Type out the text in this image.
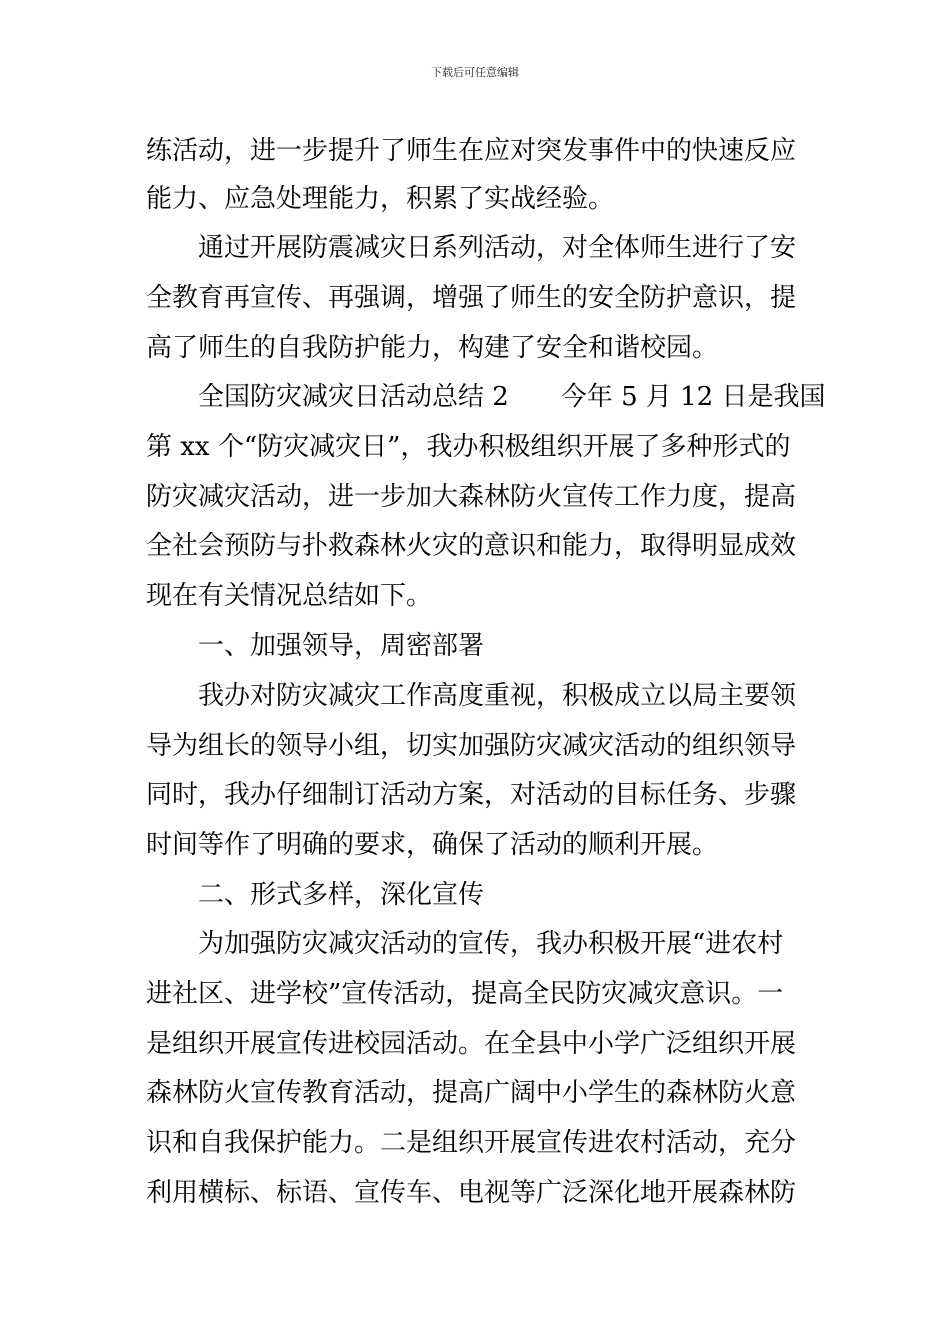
下载后可任意编辑
练活动，进一步提升了师生在应对突发事件中的快速反应
能力、应急处理能力，积累了实战经验。
通过开展防震减灾日系列活动，对全体师生进行了安
全教育再宣传、再强调，增强了师生的安全防护意识，提
高了师生的自我防护能力，构建了安全和谐校园。
全国防灾减灾日活动总结 2　　今年 5 月 12 日是我国
第 xx 个“防灾减灾日”，我办积极组织开展了多种形式的
防灾减灾活动，进一步加大森林防火宣传工作力度，提高
全社会预防与扑救森林火灾的意识和能力，取得明显成效
现在有关情况总结如下。
一、加强领导，周密部署
我办对防灾减灾工作高度重视，积极成立以局主要领
导为组长的领导小组，切实加强防灾减灾活动的组织领导
同时，我办仔细制订活动方案，对活动的目标任务、步骤
时间等作了明确的要求，确保了活动的顺利开展。
二、形式多样，深化宣传
为加强防灾减灾活动的宣传，我办积极开展“进农村
进社区、进学校”宣传活动，提高全民防灾减灾意识。一
是组织开展宣传进校园活动。在全县中小学广泛组织开展
森林防火宣传教育活动，提高广阔中小学生的森林防火意
识和自我保护能力。二是组织开展宣传进农村活动，充分
利用横标、标语、宣传车、电视等广泛深化地开展森林防
